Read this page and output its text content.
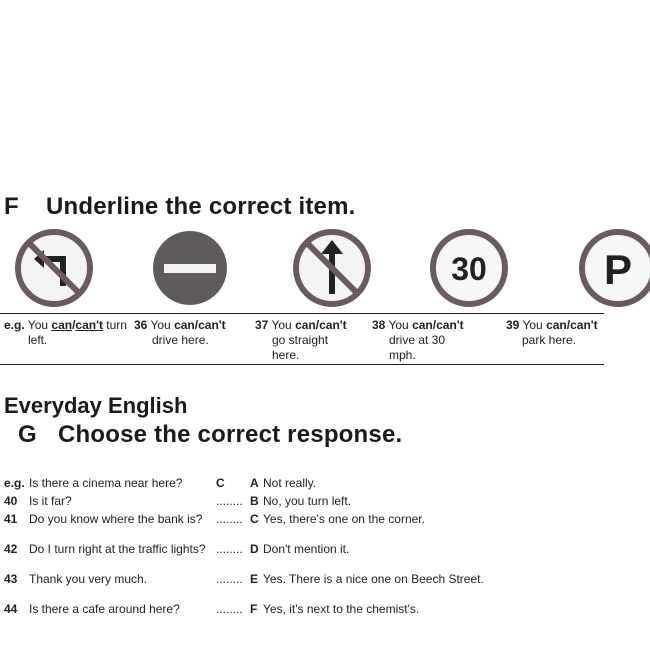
F Underline the correct item.
30	P
e.g. You can/can't turn
left.
36 You can/can't
drive here.
37 You can/can't
go straight
here.
38 You can/can't
drive at 30
mph.
39 You can/can't
park here.
Everyday English
G Choose the correct response.
e.g. Is there a cinema near here?	C A Not really.
40 Is it far?	........ B No, you turn left.
41 Do you know where the bank is? ........ C Yes, there's one on the corner.
42 Do I turn right at the traffic lights? ........ D Don't mention it.
43 Thank you very much.	........ E Yes. There is a nice one on Beech Street.
44 Is there a cafe around here?	........ F Yes, it's next to the chemist's.
